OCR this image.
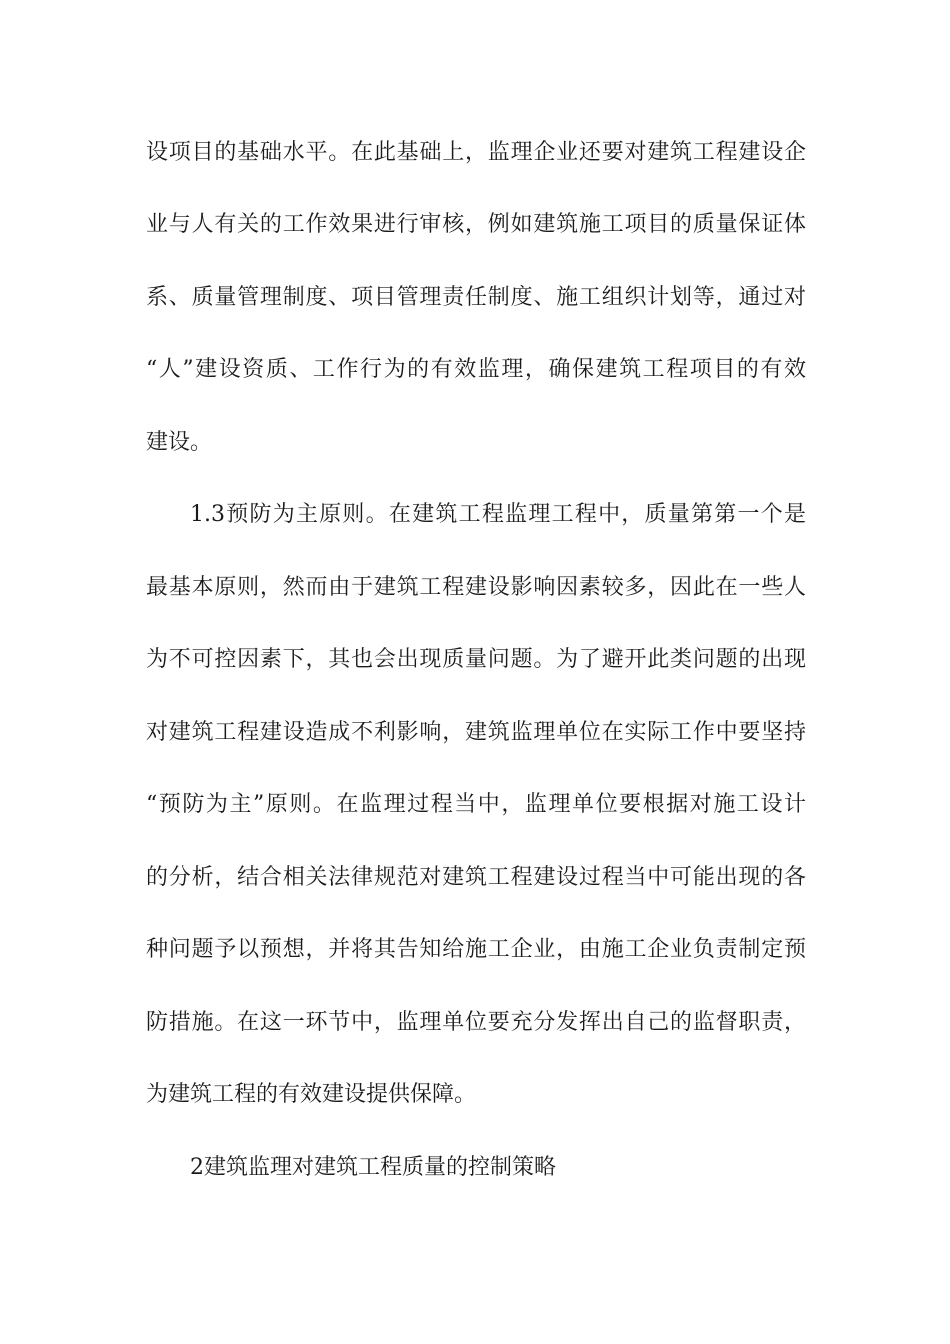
设项目的基础水平。在此基础上，监理企业还要对建筑工程建设企
业与人有关的工作效果进行审核，例如建筑施工项目的质量保证体
系、质量管理制度、项目管理责任制度、施工组织计划等，通过对
“人”建设资质、工作行为的有效监理，确保建筑工程项目的有效
建设。
1.3预防为主原则。在建筑工程监理工程中，质量第第一个是
最基本原则，然而由于建筑工程建设影响因素较多，因此在一些人
为不可控因素下，其也会出现质量问题。为了避开此类问题的出现
对建筑工程建设造成不利影响，建筑监理单位在实际工作中要坚持
“预防为主”原则。在监理过程当中，监理单位要根据对施工设计
的分析，结合相关法律规范对建筑工程建设过程当中可能出现的各
种问题予以预想，并将其告知给施工企业，由施工企业负责制定预
防措施。在这一环节中，监理单位要充分发挥出自己的监督职责，
为建筑工程的有效建设提供保障。
2建筑监理对建筑工程质量的控制策略
